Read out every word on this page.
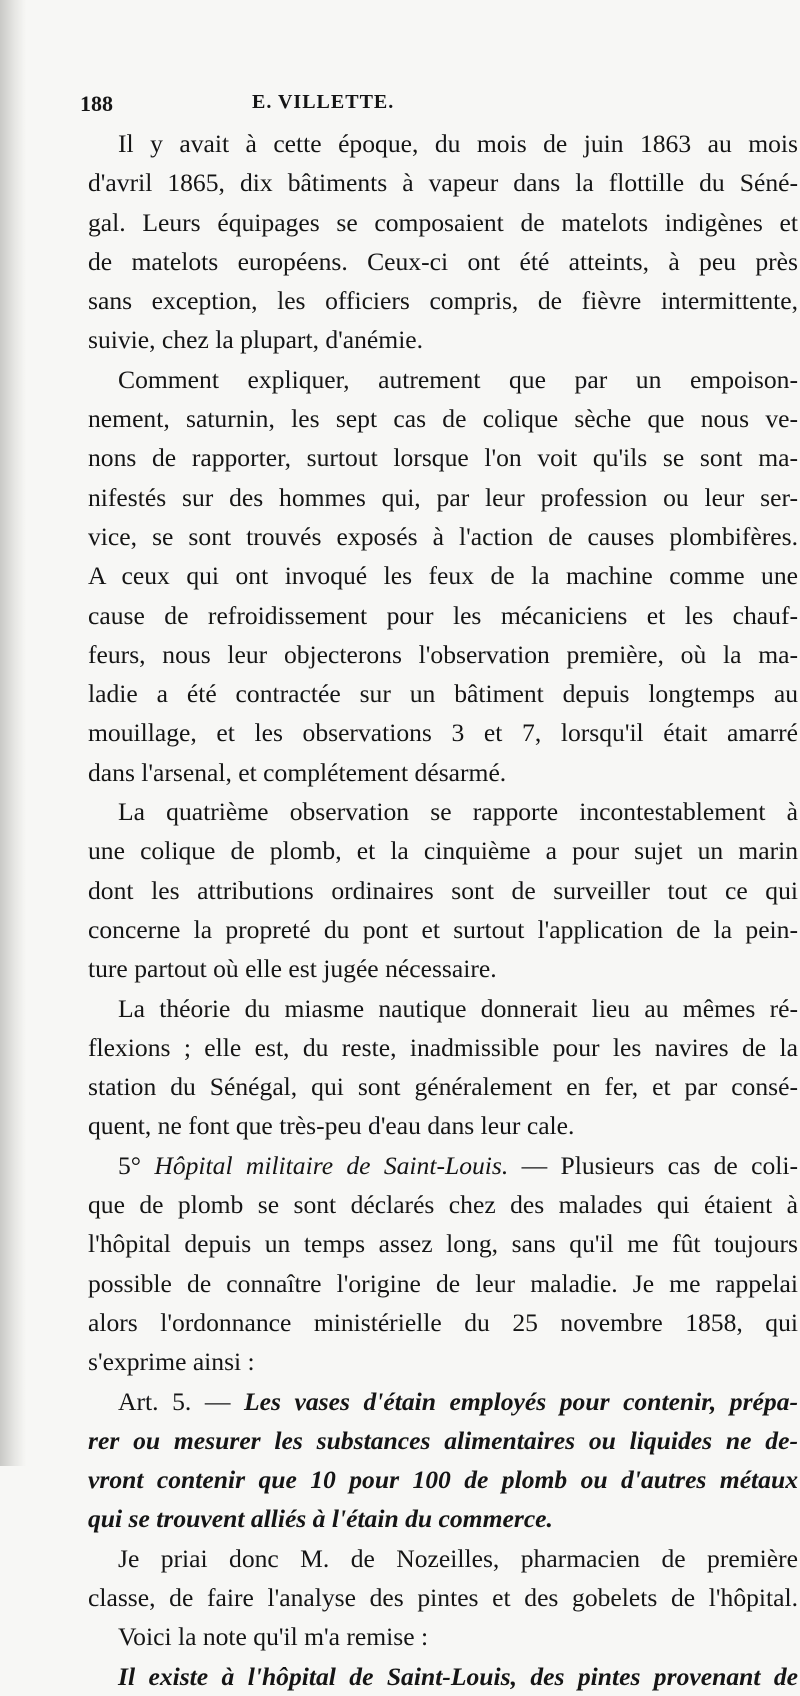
188	E. VILLETTE.
Il y avait à cette époque, du mois de juin 1863 au mois
d'avril 1865, dix bâtiments à vapeur dans la flottille du Séné-
gal. Leurs équipages se composaient de matelots indigènes et
de matelots européens. Ceux-ci ont été atteints, à peu près
sans exception, les officiers compris, de fièvre intermittente,
suivie, chez la plupart, d'anémie.
Comment expliquer, autrement que par un empoison-
nement, saturnin, les sept cas de colique sèche que nous ve-
nons de rapporter, surtout lorsque l'on voit qu'ils se sont ma-
nifestés sur des hommes qui, par leur profession ou leur ser-
vice, se sont trouvés exposés à l'action de causes plombifères.
A ceux qui ont invoqué les feux de la machine comme une
cause de refroidissement pour les mécaniciens et les chauf-
feurs, nous leur objecterons l'observation première, où la ma-
ladie a été contractée sur un bâtiment depuis longtemps au
mouillage, et les observations 3 et 7, lorsqu'il était amarré
dans l'arsenal, et complétement désarmé.
La quatrième observation se rapporte incontestablement à
une colique de plomb, et la cinquième a pour sujet un marin
dont les attributions ordinaires sont de surveiller tout ce qui
concerne la propreté du pont et surtout l'application de la pein-
ture partout où elle est jugée nécessaire.
La théorie du miasme nautique donnerait lieu au mêmes ré-
flexions ; elle est, du reste, inadmissible pour les navires de la
station du Sénégal, qui sont généralement en fer, et par consé-
quent, ne font que très-peu d'eau dans leur cale.
5° Hôpital militaire de Saint-Louis. — Plusieurs cas de coli-
que de plomb se sont déclarés chez des malades qui étaient à
l'hôpital depuis un temps assez long, sans qu'il me fût toujours
possible de connaître l'origine de leur maladie. Je me rappelai
alors l'ordonnance ministérielle du 25 novembre 1858, qui
s'exprime ainsi :
Art. 5. — Les vases d'étain employés pour contenir, prépa-
rer ou mesurer les substances alimentaires ou liquides ne de-
vront contenir que 10 pour 100 de plomb ou d'autres métaux
qui se trouvent alliés à l'étain du commerce.
Je priai donc M. de Nozeilles, pharmacien de première
classe, de faire l'analyse des pintes et des gobelets de l'hôpital.
Voici la note qu'il m'a remise :
Il existe à l'hôpital de Saint-Louis, des pintes provenant de
